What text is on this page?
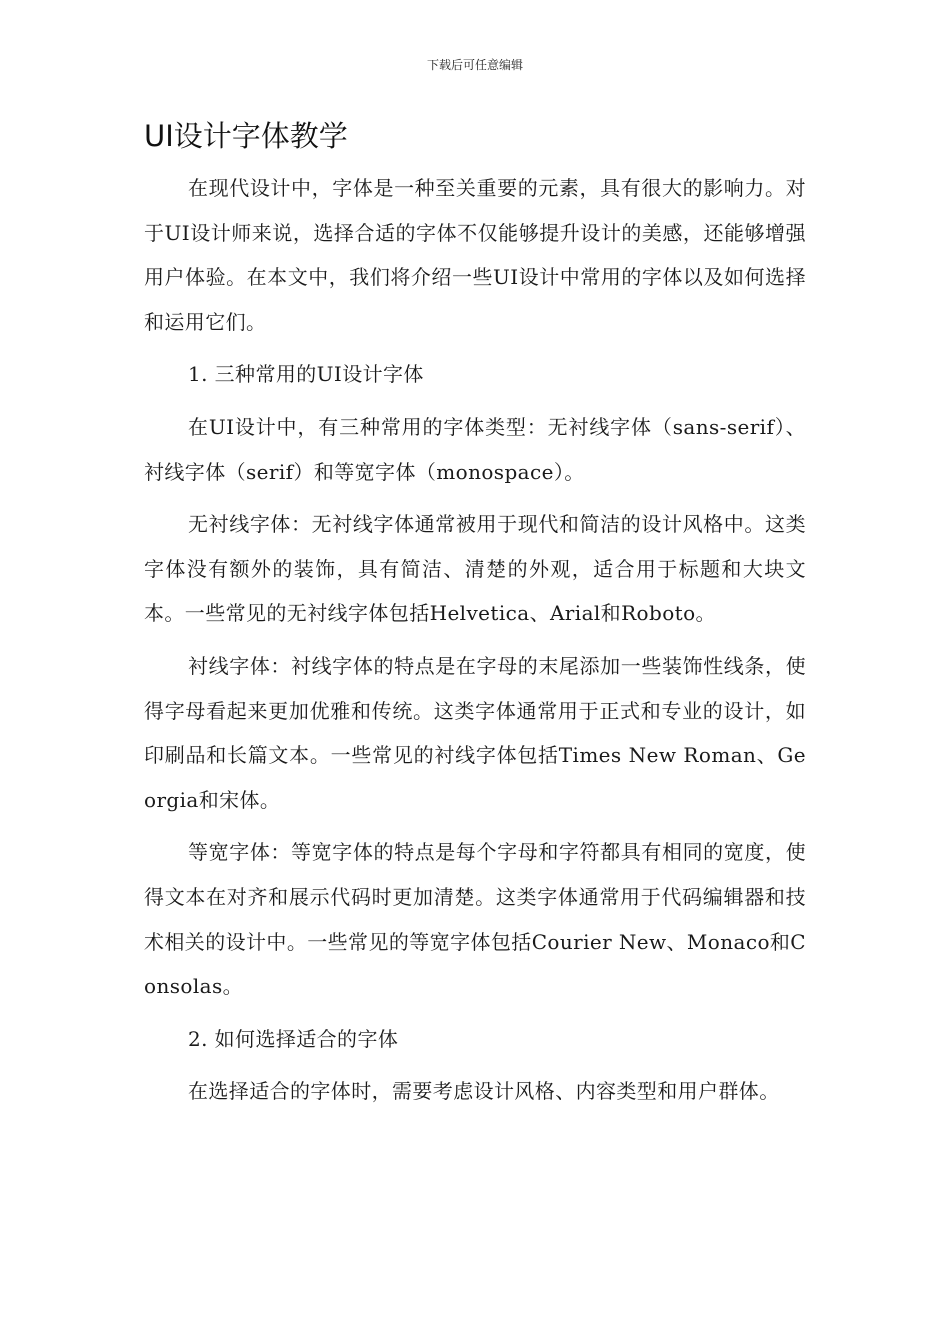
下载后可任意编辑
UI设计字体教学

在现代设计中，字体是一种至关重要的元素，具有很大的影响力。对于UI设计师来说，选择合适的字体不仅能够提升设计的美感，还能够增强用户体验。在本文中，我们将介绍一些UI设计中常用的字体以及如何选择和运用它们。

1. 三种常用的UI设计字体

在UI设计中，有三种常用的字体类型：无衬线字体（sans-serif）、衬线字体（serif）和等宽字体（monospace）。

无衬线字体：无衬线字体通常被用于现代和简洁的设计风格中。这类字体没有额外的装饰，具有简洁、清楚的外观，适合用于标题和大块文本。一些常见的无衬线字体包括Helvetica、Arial和Roboto。

衬线字体：衬线字体的特点是在字母的末尾添加一些装饰性线条，使得字母看起来更加优雅和传统。这类字体通常用于正式和专业的设计，如印刷品和长篇文本。一些常见的衬线字体包括Times New Roman、Georgia和宋体。

等宽字体：等宽字体的特点是每个字母和字符都具有相同的宽度，使得文本在对齐和展示代码时更加清楚。这类字体通常用于代码编辑器和技术相关的设计中。一些常见的等宽字体包括Courier New、Monaco和Consolas。

2. 如何选择适合的字体

在选择适合的字体时，需要考虑设计风格、内容类型和用户群体。
